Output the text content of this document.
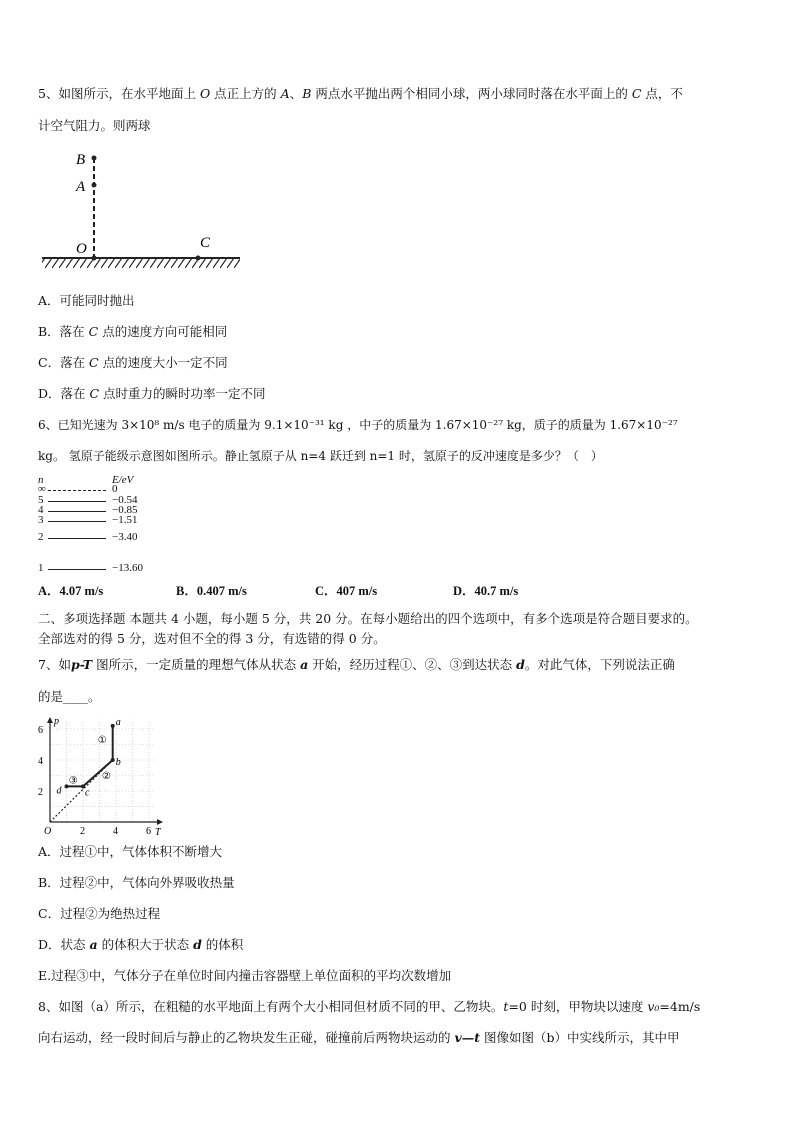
5、如图所示，在水平地面上 O 点正上方的 A、B 两点水平抛出两个相同小球，两小球同时落在水平面上的 C 点，不
计空气阻力。则两球
B
A
O	C
A．可能同时抛出
B．落在 C 点的速度方向可能相同
C．落在 C 点的速度大小一定不同
D．落在 C 点时重力的瞬时功率一定不同
6、已知光速为 3×10⁸ m/s 电子的质量为 9.1×10⁻³¹ kg ，中子的质量为 1.67×10⁻²⁷ kg，质子的质量为 1.67×10⁻²⁷
kg。 氢原子能级示意图如图所示。静止氢原子从 n=4 跃迁到 n=1 时，氢原子的反冲速度是多少？（　）
n	E/eV
∞	0
5	−0.54
4	−0.85
3	−1.51
2	−3.40
1	−13.60
A．4.07 m/s	B．0.407 m/s	C．407 m/s	D．40.7 m/s
二、多项选择题 本题共 4 小题，每小题 5 分，共 20 分。在每小题给出的四个选项中，有多个选项是符合题目要求的。
全部选对的得 5 分，选对但不全的得 3 分，有选错的得 0 分。
7、如p-T 图所示，一定质量的理想气体从状态 a 开始，经历过程①、②、③到达状态 d。对此气体，下列说法正确
的是____。
p
T
O
2
4
6
2	4	6
a
b
c
d
①
②
③
A．过程①中，气体体积不断增大
B．过程②中，气体向外界吸收热量
C．过程②为绝热过程
D．状态 a 的体积大于状态 d 的体积
E.过程③中，气体分子在单位时间内撞击容器壁上单位面积的平均次数增加
8、如图（a）所示，在粗糙的水平地面上有两个大小相同但材质不同的甲、乙物块。t=0 时刻，甲物块以速度 v₀=4m/s
向右运动，经一段时间后与静止的乙物块发生正碰，碰撞前后两物块运动的 v—t 图像如图（b）中实线所示，其中甲
